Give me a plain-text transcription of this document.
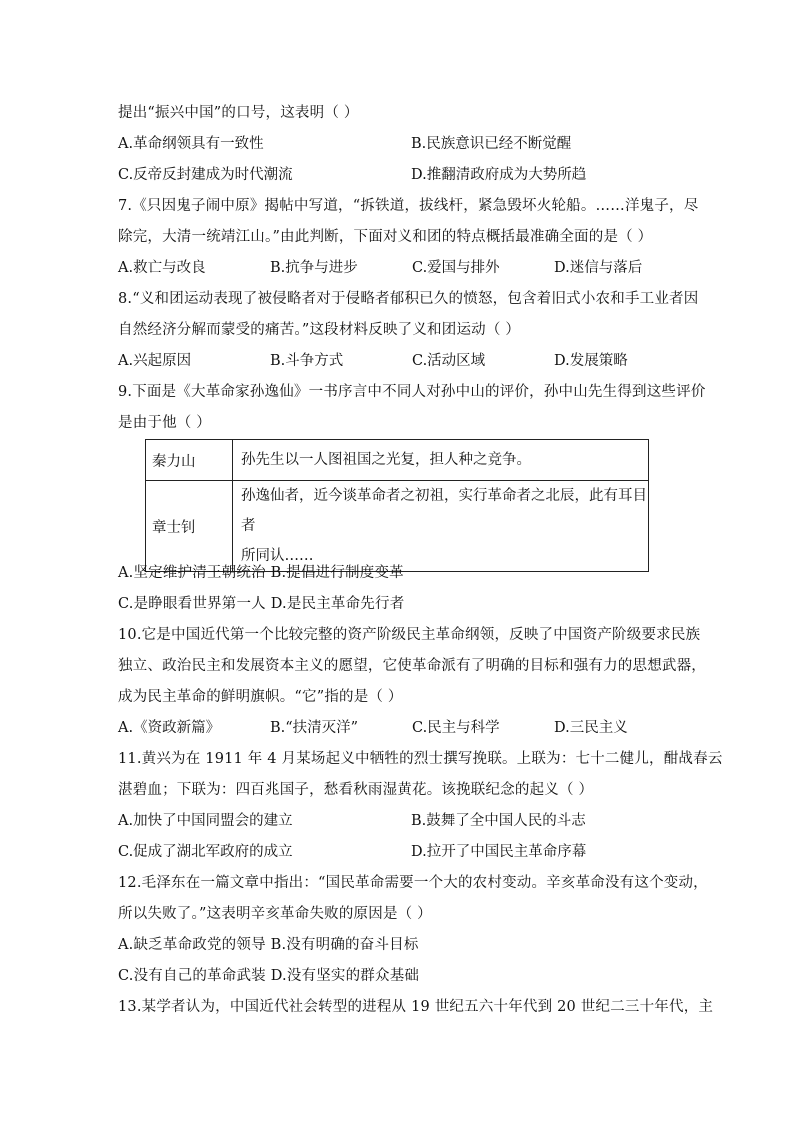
提出“振兴中国”的口号，这表明（ ）
A.革命纲领具有一致性	B.民族意识已经不断觉醒
C.反帝反封建成为时代潮流	D.推翻清政府成为大势所趋
7.《只因鬼子闹中原》揭帖中写道，“拆铁道，拔线杆，紧急毁坏火轮船。……洋鬼子，尽
除完，大清一统靖江山。”由此判断，下面对义和团的特点概括最准确全面的是（ ）
A.救亡与改良	B.抗争与进步	C.爱国与排外	D.迷信与落后
8.“义和团运动表现了被侵略者对于侵略者郁积已久的愤怒，包含着旧式小农和手工业者因
自然经济分解而蒙受的痛苦。”这段材料反映了义和团运动（ ）
A.兴起原因	B.斗争方式	C.活动区域	D.发展策略
9.下面是《大革命家孙逸仙》一书序言中不同人对孙中山的评价，孙中山先生得到这些评价
是由于他（ ）
秦力山	孙先生以一人图祖国之光复，担人种之竞争。
章士钊	孙逸仙者，近今谈革命者之初祖，实行革命者之北辰，此有耳目者
所同认……
A.坚定维护清王朝统治 B.提倡进行制度变革
C.是睁眼看世界第一人 D.是民主革命先行者
10.它是中国近代第一个比较完整的资产阶级民主革命纲领，反映了中国资产阶级要求民族
独立、政治民主和发展资本主义的愿望，它使革命派有了明确的目标和强有力的思想武器，
成为民主革命的鲜明旗帜。“它”指的是（ ）
A.《资政新篇》	B.“扶清灭洋”	C.民主与科学	D.三民主义
11.黄兴为在 1911 年 4 月某场起义中牺牲的烈士撰写挽联。上联为：七十二健儿，酣战春云
湛碧血；下联为：四百兆国子，愁看秋雨湿黄花。该挽联纪念的起义（ ）
A.加快了中国同盟会的建立	B.鼓舞了全中国人民的斗志
C.促成了湖北军政府的成立	D.拉开了中国民主革命序幕
12.毛泽东在一篇文章中指出：“国民革命需要一个大的农村变动。辛亥革命没有这个变动，
所以失败了。”这表明辛亥革命失败的原因是（ ）
A.缺乏革命政党的领导 B.没有明确的奋斗目标
C.没有自己的革命武装 D.没有坚实的群众基础
13.某学者认为，中国近代社会转型的进程从 19 世纪五六十年代到 20 世纪二三十年代，主
